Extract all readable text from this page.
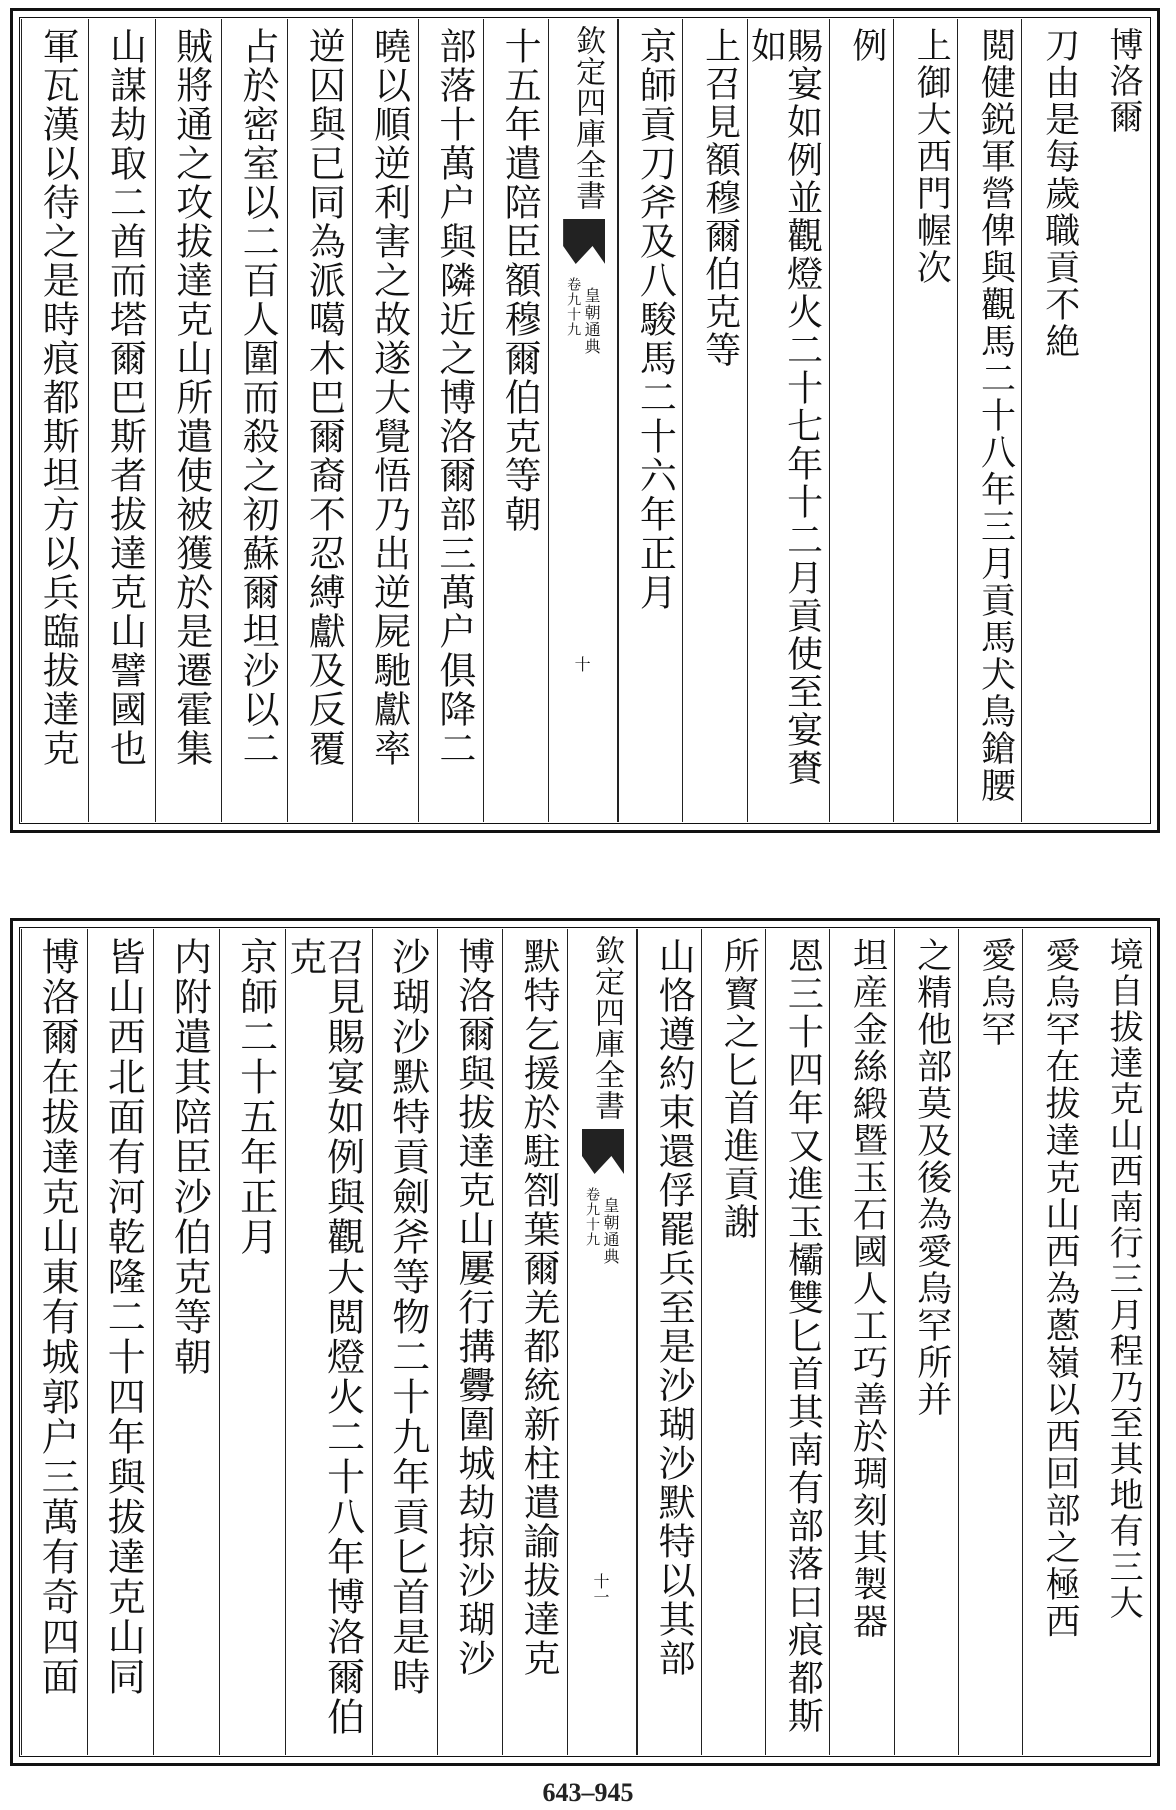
軍瓦漢以待之是時痕都斯坦方以兵臨拔達克 山謀劫取二酋而塔爾巴斯者拔達克山譬國也 賊將通之攻拔達克山所遣使被獲於是遷霍集 占於密室以二百人圍而殺之初蘇爾坦沙以二 逆囚與已同為派噶木巴爾裔不忍縛獻及反覆 曉以順逆利害之故遂大覺悟乃出逆屍馳獻率 部落十萬户與隣近之博洛爾部三萬户俱降二 十五年遣陪臣額穆爾伯克等朝 欽定四庫全書
皇朝通典
卷九十九
十
京師貢刀斧及八駿馬二十六年正月 上召見額穆爾伯克等	賜宴如例並觀燈火二十七年十二月貢使至宴賚如	例 上御大西門幄次 閲健鋭軍營俾與觀馬二十八年三月貢馬犬鳥鎗腰 刀由是每歲職貢不絶 博洛爾
博洛爾在拔達克山東有城郭户三萬有奇四面 皆山西北面有河乾隆二十四年與拔達克山同 内附遣其陪臣沙伯克等朝 京師二十五年正月	召見賜宴如例與觀大閲燈火二十八年博洛爾伯克	沙瑚沙默特貢劍斧等物二十九年貢匕首是時 博洛爾與拔達克山屢行搆釁圍城劫掠沙瑚沙 默特乞援於駐劄葉爾羌都統新柱遣諭拔達克 欽定四庫全書
皇朝通典
卷九十九
十一	山恪遵約束還俘罷兵至是沙瑚沙默特以其部 所寳之匕首進貢謝 恩三十四年又進玉欛雙匕首其南有部落曰痕都斯 坦産金絲緞暨玉石國人工巧善於琱刻其製器 之精他部莫及後為愛烏罕所并 愛烏罕 愛烏罕在拔達克山西為蔥嶺以西回部之極西 境自拔達克山西南行三月程乃至其地有三大
643–945
